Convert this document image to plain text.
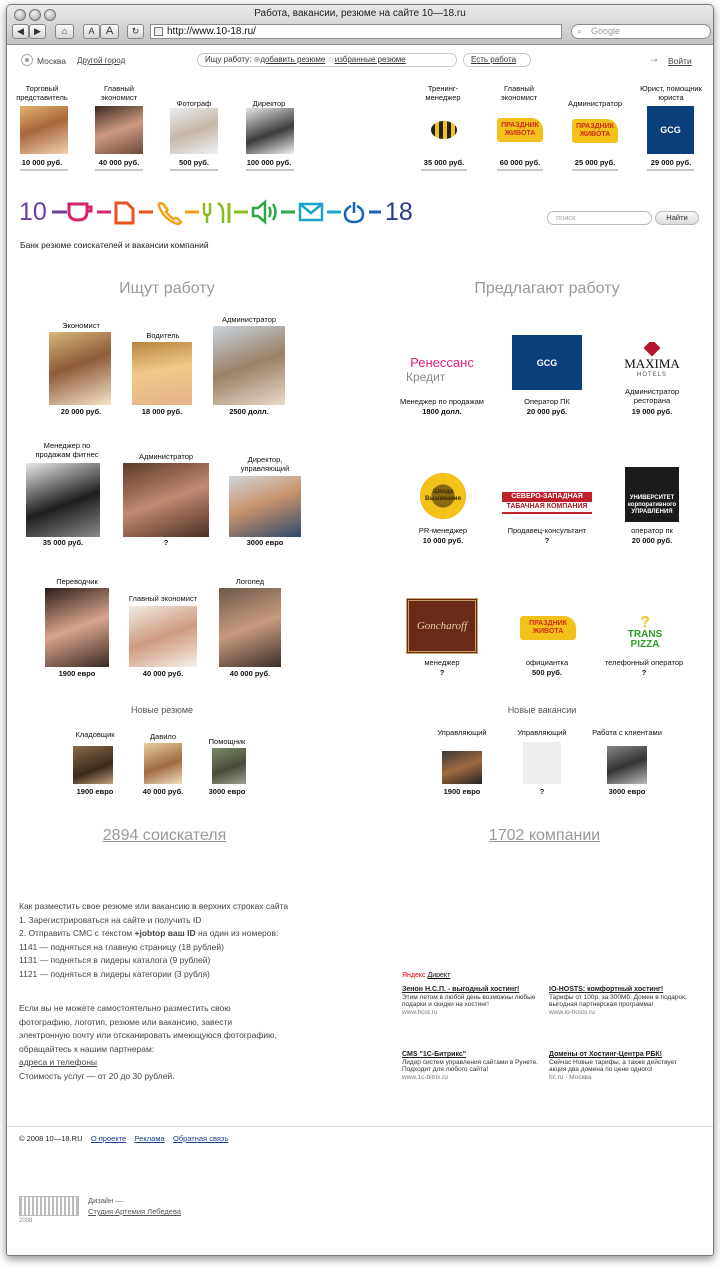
Работа, вакансии, резюме на сайте 10—18.ru
◀	▶	⌂	A	A	↻	http://www.10-18.ru/	⌕ Google
Москва Другой город	Ищу работу: ⊕добавить резюме ☆избранные резюме	Есть работа	⊸ Войти
Торговый представитель
10 000 руб.
Главный экономист
40 000 руб.
Фотограф
500 руб.
Директор
100 000 руб.
Тренинг-менеджер
35 000 руб.
Главный экономист
ПРАЗДНИК ЖИВОТА
60 000 руб.
Администратор
ПРАЗДНИК ЖИВОТА
25 000 руб.
Юрист, помощник юриста
GCG
29 000 руб.
10	18
Банк резюме соискателей и вакансии компаний
поиск	Найти
Ищут работу	Предлагают работу
Экономист
20 000 руб.
Водитель
18 000 руб.
Администратор
2500 долл.
Менеджер по продажам фитнес
35 000 руб.
Администратор
?
Директор, управляющий
3000 евро
Переводчик
1900 евро
Главный экономист
40 000 руб.
Логопед
40 000 руб.
Ренессанс
Кредит
Менеджер по продажам
1800 долл.
GCG
Оператор ПК
20 000 руб.
MAXIMA
HOTELS
Администратор ресторана
19 000 руб.
Шкода Вышивания
PR-менеджер
10 000 руб.
СЕВЕРО-ЗАПАДНАЯ
ТАБАЧНАЯ КОМПАНИЯ
Продавец-консультант
?
УНИВЕРСИТЕТ корпоративного УПРАВЛЕНИЯ
оператор пк
20 000 руб.
Goncharoff
менеджер
?
ПРАЗДНИК ЖИВОТА
официантка
500 руб.
?
TRANS
PIZZA
телефонный оператор
?
Новые резюме
Кладовщик
1900 евро
Давило
40 000 руб.
Помощник
3000 евро
Новые вакансии
Управляющий
1900 евро
Управляющий
?
Работа с клиентами
3000 евро
2894 соискателя	1702 компании
Как разместить свое резюме или вакансию в верхних строках сайта
1. Зарегистрироваться на сайте и получить ID
2. Отправить СМС с текстом +jobtop ваш ID на один из номеров:
1141 — подняться на главную страницу (18 рублей)
1131 — подняться в лидеры каталога (9 рублей)
1121 — подняться в лидеры категории (3 рубля)
Если вы не можете самостоятельно разместить свою
фотографию, логотип, резюме или вакансию, завести
электронную почту или отсканировать имеющуюся фотографию,
обращайтесь к нашим партнерам:
адреса и телефоны
Стоимость услуг — от 20 до 30 рублей.
Яндекс Директ
Зенон Н.С.П. - выгодный хостинг!
Этим летом в любой день возможны любые подарки и скидки на хостинг!
www.host.ru
IO-HOSTS: комфортный хостинг!
Тарифы от 100р. за 300Мб. Домен в подарок, выгодная партнерская программа!
www.io-hosts.ru
CMS "1С-Битрикс"
Лидер систем управления сайтами в Рунете. Подходит для любого сайта!
www.1c-bitrix.ru
Домены от Хостинг-Центра РБК!
Сейчас Новые тарифы, а также действует акция два домена по цене одного!
hc.ru · Москва
© 2008 10—18.RU О проекте Реклама Обратная связь
2008
Дизайн —
Студия Артемия Лебедева
